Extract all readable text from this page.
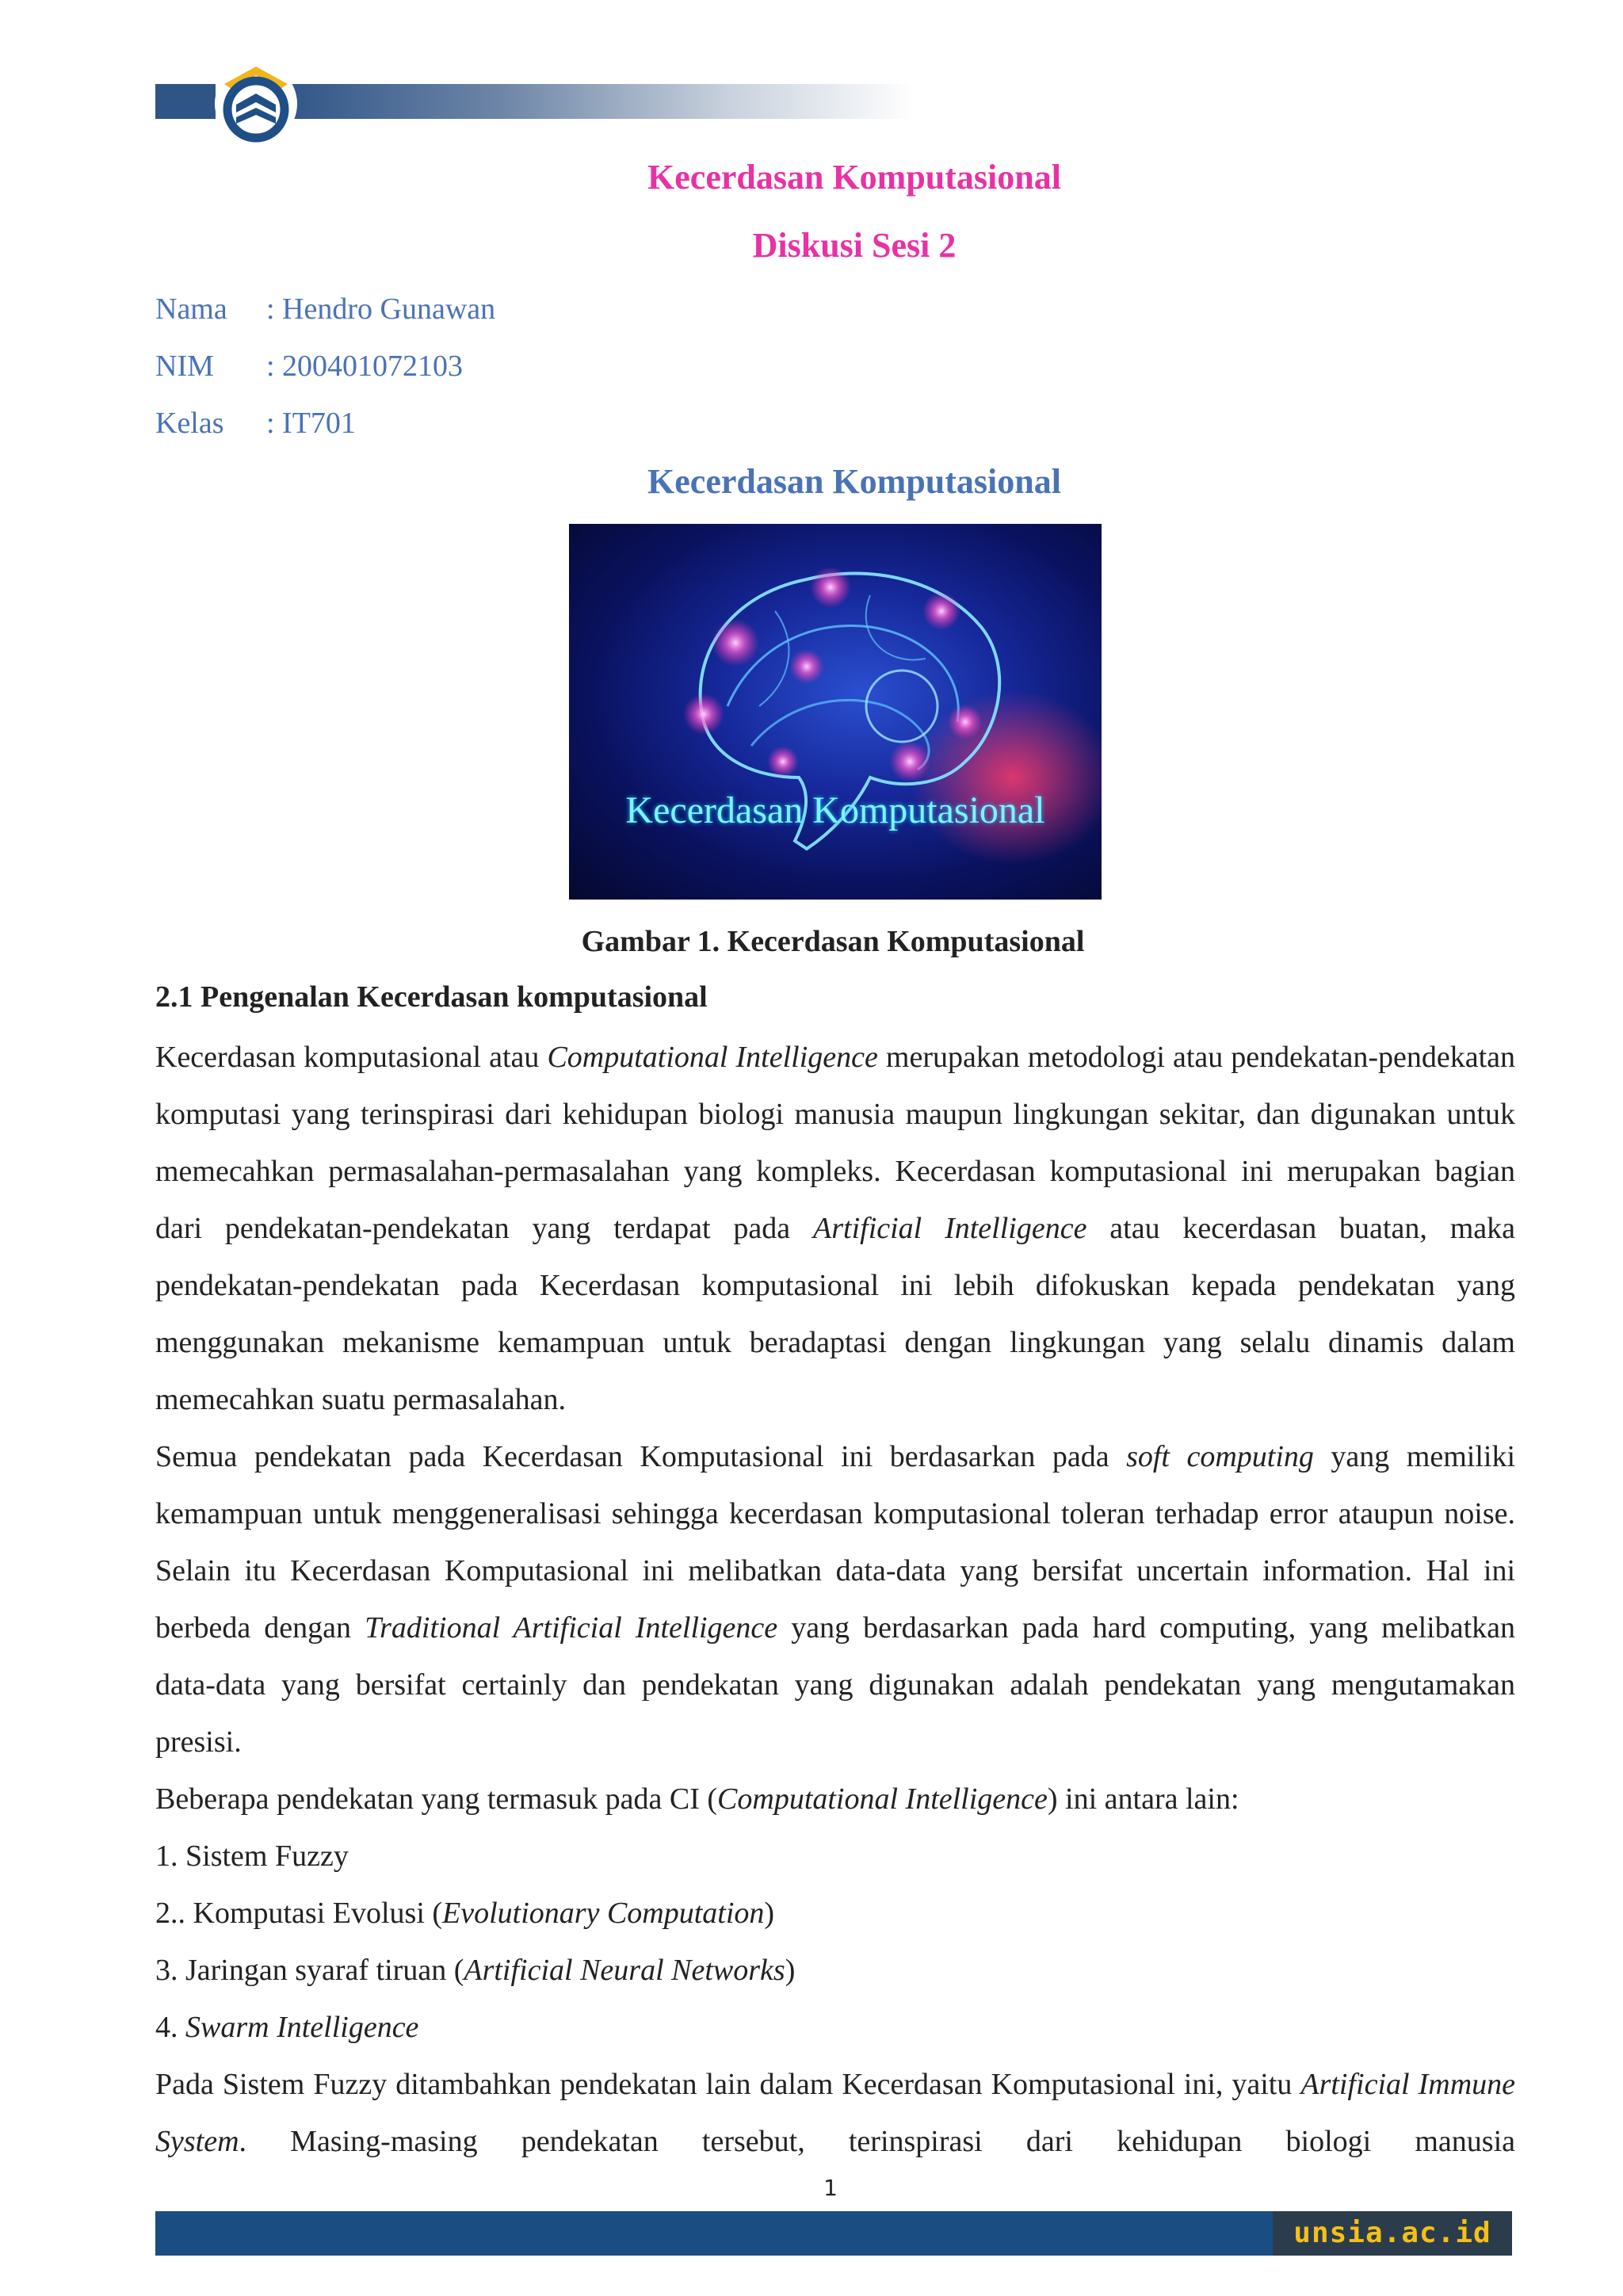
Kecerdasan Komputasional
Diskusi Sesi 2
Nama : Hendro Gunawan
NIM : 200401072103
Kelas : IT701
Kecerdasan Komputasional
Kecerdasan Komputasional

Gambar 1. Kecerdasan Komputasional

2.1 Pengenalan Kecerdasan komputasional

Kecerdasan komputasional atau Computational Intelligence merupakan metodologi atau pendekatan-pendekatan komputasi yang terinspirasi dari kehidupan biologi manusia maupun lingkungan sekitar, dan digunakan untuk memecahkan permasalahan-permasalahan yang kompleks. Kecerdasan komputasional ini merupakan bagian dari pendekatan-pendekatan yang terdapat pada Artificial Intelligence atau kecerdasan buatan, maka pendekatan-pendekatan pada Kecerdasan komputasional ini lebih difokuskan kepada pendekatan yang menggunakan mekanisme kemampuan untuk beradaptasi dengan lingkungan yang selalu dinamis dalam memecahkan suatu permasalahan.

Semua pendekatan pada Kecerdasan Komputasional ini berdasarkan pada soft computing yang memiliki kemampuan untuk menggeneralisasi sehingga kecerdasan komputasional toleran terhadap error ataupun noise. Selain itu Kecerdasan Komputasional ini melibatkan data-data yang bersifat uncertain information. Hal ini berbeda dengan Traditional Artificial Intelligence yang berdasarkan pada hard computing, yang melibatkan data-data yang bersifat certainly dan pendekatan yang digunakan adalah pendekatan yang mengutamakan presisi.

Beberapa pendekatan yang termasuk pada CI (Computational Intelligence) ini antara lain:

1. Sistem Fuzzy
2.. Komputasi Evolusi (Evolutionary Computation)
3. Jaringan syaraf tiruan (Artificial Neural Networks)
4. Swarm Intelligence

Pada Sistem Fuzzy ditambahkan pendekatan lain dalam Kecerdasan Komputasional ini, yaitu Artificial Immune System. Masing-masing pendekatan tersebut, terinspirasi dari kehidupan biologi manusia

1
unsia.ac.id
